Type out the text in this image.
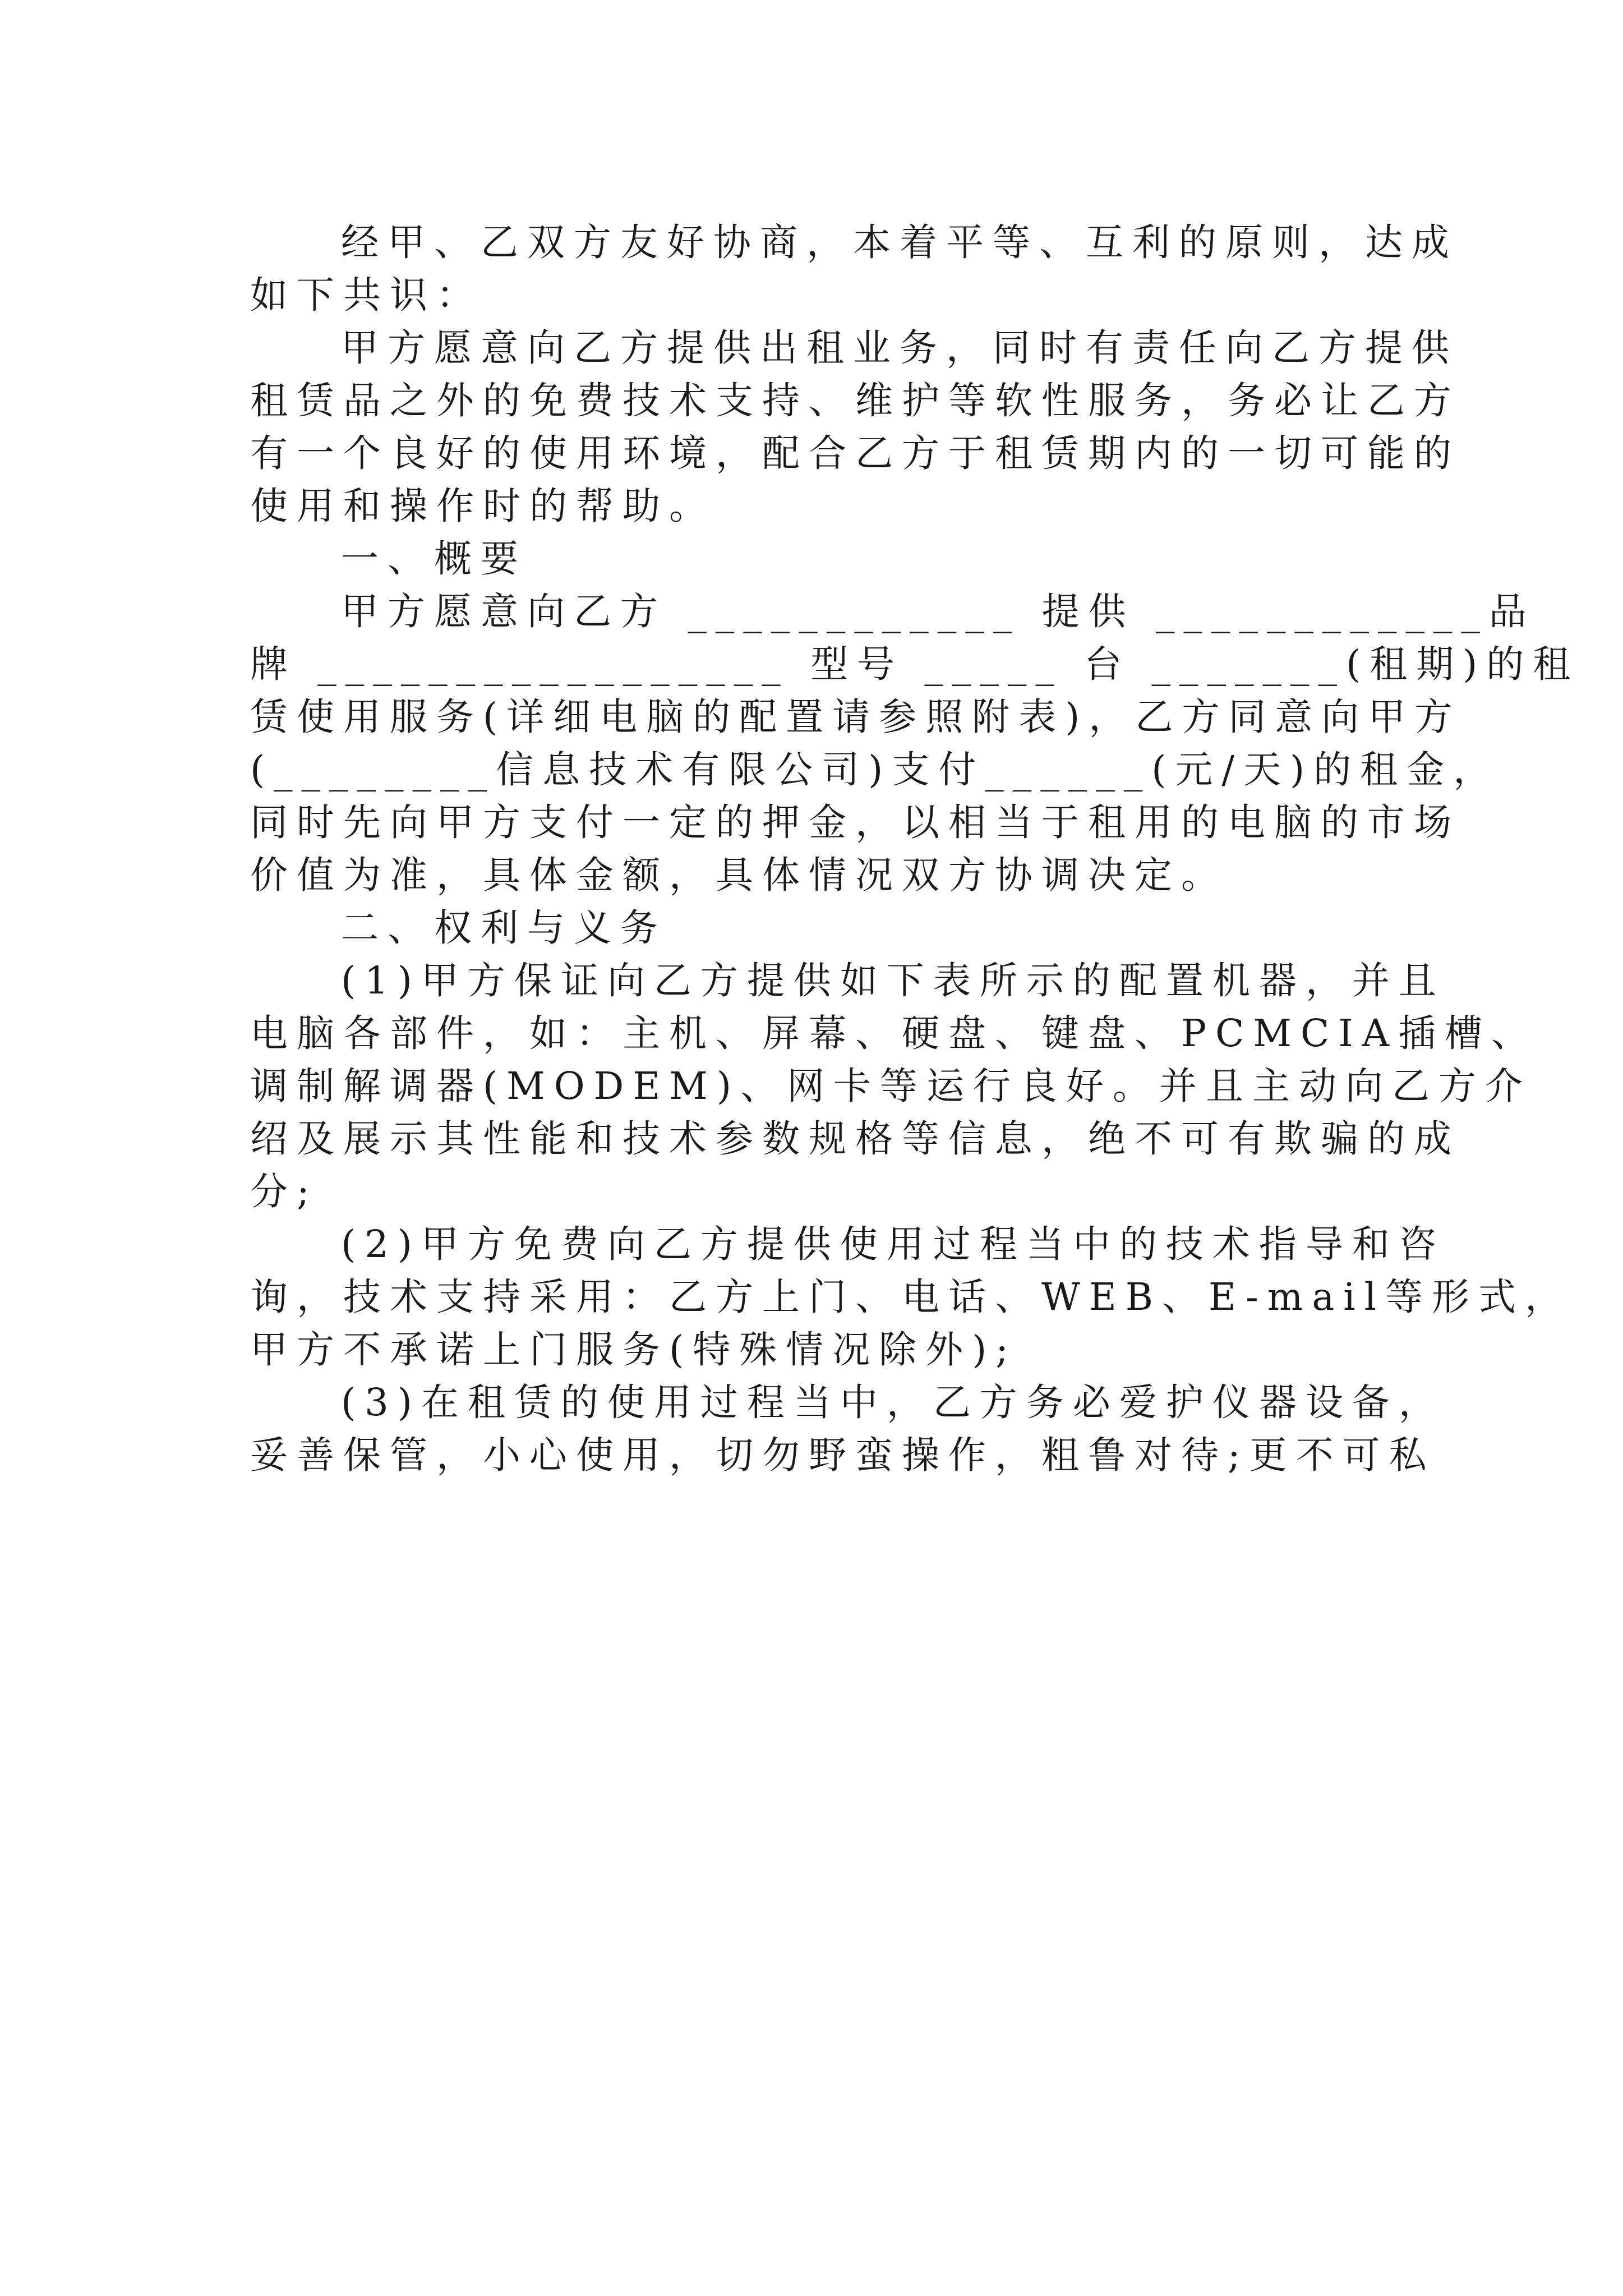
经甲、乙双方友好协商，本着平等、互利的原则，达成
如下共识：
甲方愿意向乙方提供出租业务，同时有责任向乙方提供
租赁品之外的免费技术支持、维护等软性服务，务必让乙方
有一个良好的使用环境，配合乙方于租赁期内的一切可能的
使用和操作时的帮助。
一、概要
甲方愿意向乙方 ____________ 提供 ____________品
牌 _________________ 型号 _____ 台 _______(租期)的租
赁使用服务(详细电脑的配置请参照附表)，乙方同意向甲方
(________信息技术有限公司)支付______(元/天)的租金，
同时先向甲方支付一定的押金，以相当于租用的电脑的市场
价值为准，具体金额，具体情况双方协调决定。
二、权利与义务
(1)甲方保证向乙方提供如下表所示的配置机器，并且
电脑各部件，如：主机、屏幕、硬盘、键盘、PCMCIA插槽、
调制解调器(MODEM)、网卡等运行良好。并且主动向乙方介
绍及展示其性能和技术参数规格等信息，绝不可有欺骗的成
分;
(2)甲方免费向乙方提供使用过程当中的技术指导和咨
询，技术支持采用：乙方上门、电话、WEB、E-mail等形式，
甲方不承诺上门服务(特殊情况除外);
(3)在租赁的使用过程当中，乙方务必爱护仪器设备，
妥善保管，小心使用，切勿野蛮操作，粗鲁对待;更不可私
